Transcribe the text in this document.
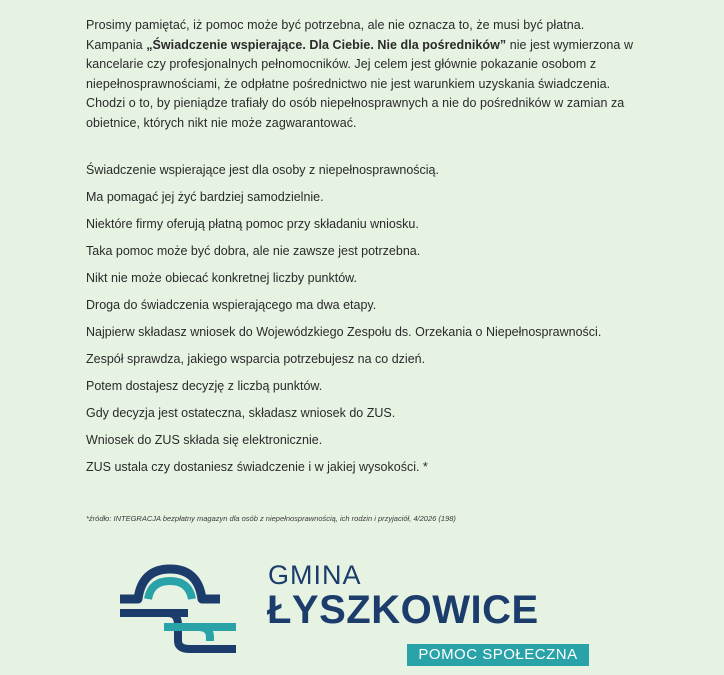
Prosimy pamiętać, iż pomoc może być potrzebna, ale nie oznacza to, że musi być płatna. Kampania „Świadczenie wspierające. Dla Ciebie. Nie dla pośredników” nie jest wymierzona w kancelarie czy profesjonalnych pełnomocników. Jej celem jest głównie pokazanie osobom z niepełnosprawnościami, że odpłatne pośrednictwo nie jest warunkiem uzyskania świadczenia. Chodzi o to, by pieniądze trafiały do osób niepełnosprawnych a nie do pośredników w zamian za obietnice, których nikt nie może zagwarantować.

Świadczenie wspierające jest dla osoby z niepełnosprawnością.
Ma pomagać jej żyć bardziej samodzielnie.
Niektóre firmy oferują płatną pomoc przy składaniu wniosku.
Taka pomoc może być dobra, ale nie zawsze jest potrzebna.
Nikt nie może obiecać konkretnej liczby punktów.
Droga do świadczenia wspierającego ma dwa etapy.
Najpierw składasz wniosek do Wojewódzkiego Zespołu ds. Orzekania o Niepełnosprawności.
Zespół sprawdza, jakiego wsparcia potrzebujesz na co dzień.
Potem dostajesz decyzję z liczbą punktów.
Gdy decyzja jest ostateczna, składasz wniosek do ZUS.
Wniosek do ZUS składa się elektronicznie.
ZUS ustala czy dostaniesz świadczenie i w jakiej wysokości. *
*źródło: INTEGRACJA bezpłatny magazyn dla osób z niepełnosprawnością, ich rodzin i przyjaciół, 4/2026 (198)
GMINA
ŁYSZKOWICE
POMOC SPOŁECZNA
